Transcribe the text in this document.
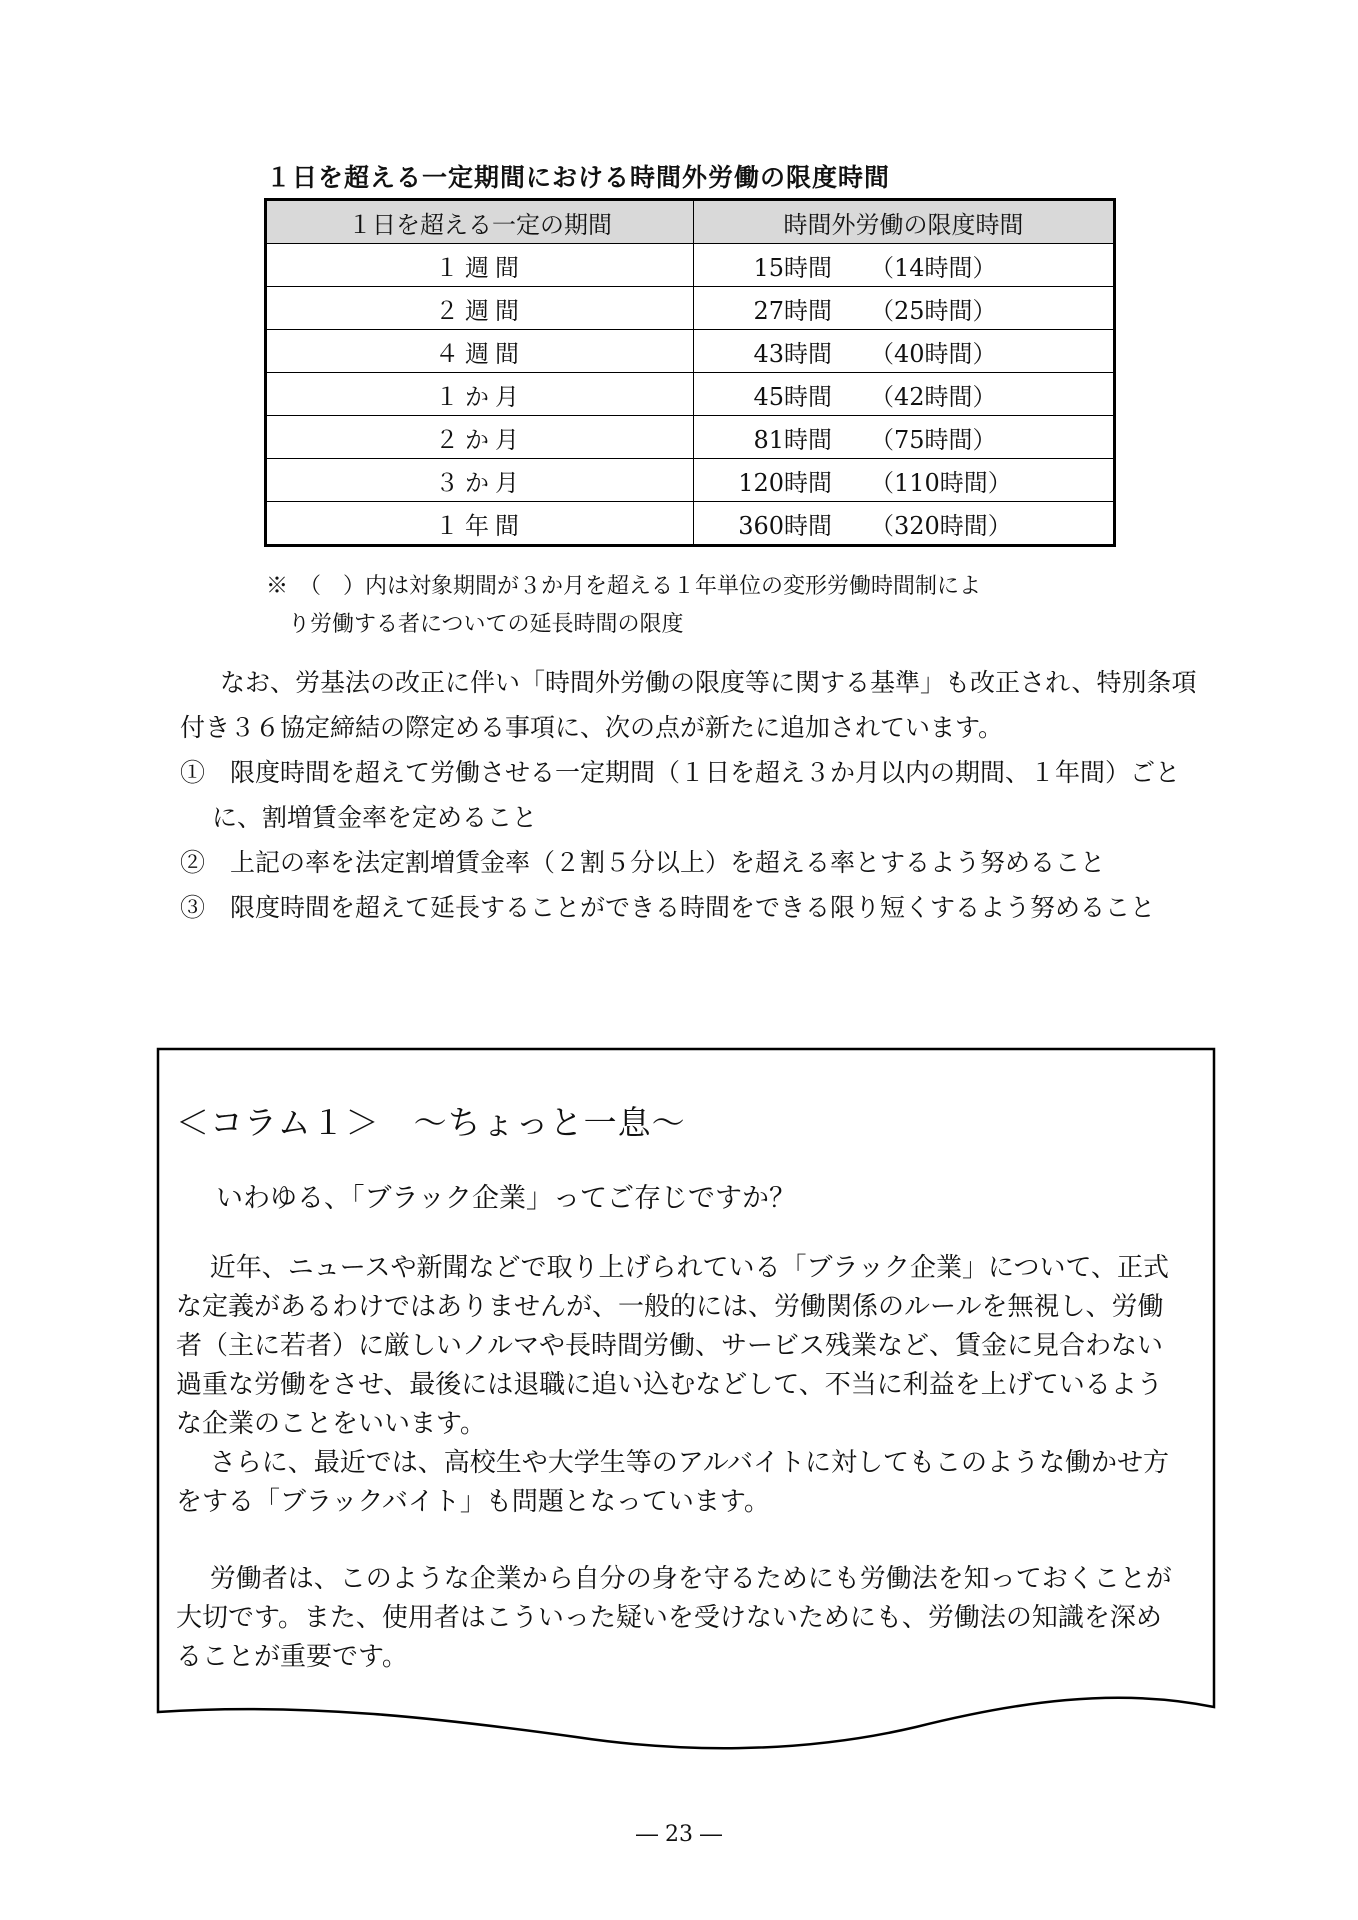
１日を超える一定期間における時間外労働の限度時間
１日を超える一定の期間	時間外労働の限度時間
１週間	15時間 （14時間）
２週間	27時間 （25時間）
４週間	43時間 （40時間）
１か月	45時間 （42時間）
２か月	81時間 （75時間）
３か月	120時間 （110時間）
１年間	360時間 （320時間）
※　（　）内は対象期間が３か月を超える１年単位の変形労働時間制によ
り労働する者についての延長時間の限度

なお、労基法の改正に伴い「時間外労働の限度等に関する基準」も改正され、特別条項付き３６協定締結の際定める事項に、次の点が新たに追加されています。

①　限度時間を超えて労働させる一定期間（１日を超え３か月以内の期間、１年間）ごとに、割増賃金率を定めること

②　上記の率を法定割増賃金率（２割５分以上）を超える率とするよう努めること

③　限度時間を超えて延長することができる時間をできる限り短くするよう努めること

＜コラム１＞　～ちょっと一息～
いわゆる、「ブラック企業」ってご存じですか？

近年、ニュースや新聞などで取り上げられている「ブラック企業」について、正式な定義があるわけではありませんが、一般的には、労働関係のルールを無視し、労働者（主に若者）に厳しいノルマや長時間労働、サービス残業など、賃金に見合わない過重な労働をさせ、最後には退職に追い込むなどして、不当に利益を上げているような企業のことをいいます。

さらに、最近では、高校生や大学生等のアルバイトに対してもこのような働かせ方をする「ブラックバイト」も問題となっています。

労働者は、このような企業から自分の身を守るためにも労働法を知っておくことが大切です。また、使用者はこういった疑いを受けないためにも、労働法の知識を深めることが重要です。

― 23 ―
